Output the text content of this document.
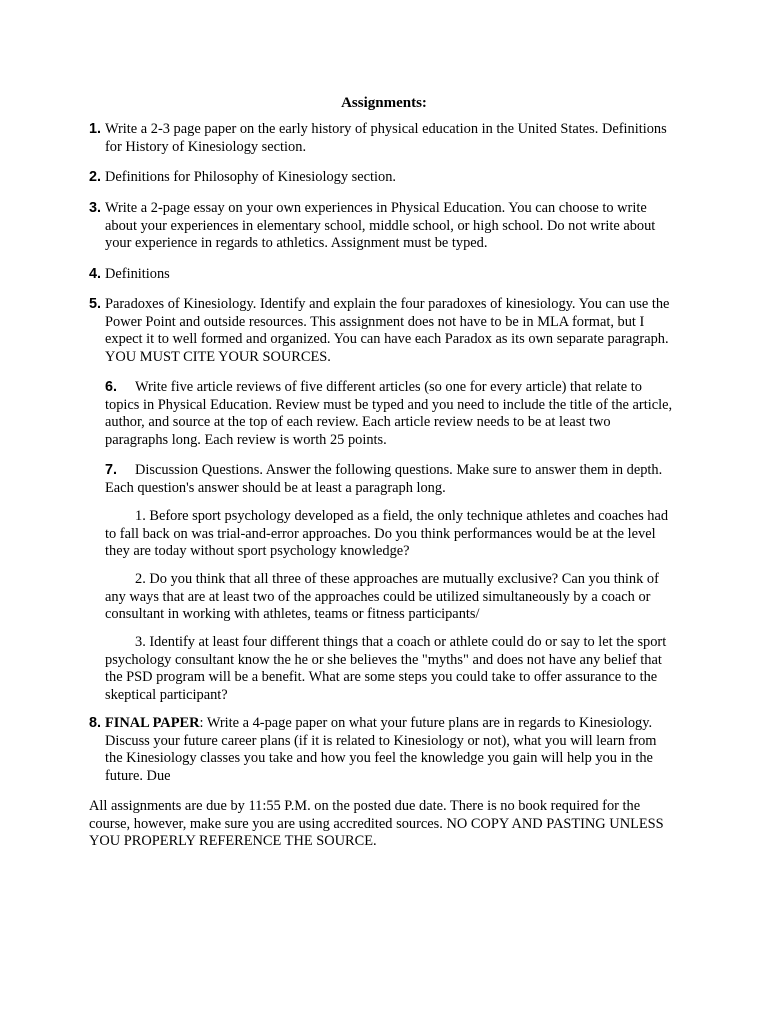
Assignments:
1. Write a 2-3 page paper on the early history of physical education in the United States. Definitions for History of Kinesiology section.
2. Definitions for Philosophy of Kinesiology section.
3. Write a 2-page essay on your own experiences in Physical Education. You can choose to write about your experiences in elementary school, middle school, or high school. Do not write about your experience in regards to athletics. Assignment must be typed.
4. Definitions
5. Paradoxes of Kinesiology. Identify and explain the four paradoxes of kinesiology. You can use the Power Point and outside resources. This assignment does not have to be in MLA format, but I expect it to well formed and organized. You can have each Paradox as its own separate paragraph. YOU MUST CITE YOUR SOURCES.
6. Write five article reviews of five different articles (so one for every article) that relate to topics in Physical Education. Review must be typed and you need to include the title of the article, author, and source at the top of each review. Each article review needs to be at least two paragraphs long. Each review is worth 25 points.
7. Discussion Questions. Answer the following questions. Make sure to answer them in depth. Each question's answer should be at least a paragraph long.
1. Before sport psychology developed as a field, the only technique athletes and coaches had to fall back on was trial-and-error approaches. Do you think performances would be at the level they are today without sport psychology knowledge?
2. Do you think that all three of these approaches are mutually exclusive? Can you think of any ways that are at least two of the approaches could be utilized simultaneously by a coach or consultant in working with athletes, teams or fitness participants/
3. Identify at least four different things that a coach or athlete could do or say to let the sport psychology consultant know the he or she believes the "myths" and does not have any belief that the PSD program will be a benefit. What are some steps you could take to offer assurance to the skeptical participant?
8. FINAL PAPER: Write a 4-page paper on what your future plans are in regards to Kinesiology. Discuss your future career plans (if it is related to Kinesiology or not), what you will learn from the Kinesiology classes you take and how you feel the knowledge you gain will help you in the future. Due
All assignments are due by 11:55 P.M. on the posted due date. There is no book required for the course, however, make sure you are using accredited sources. NO COPY AND PASTING UNLESS YOU PROPERLY REFERENCE THE SOURCE.
